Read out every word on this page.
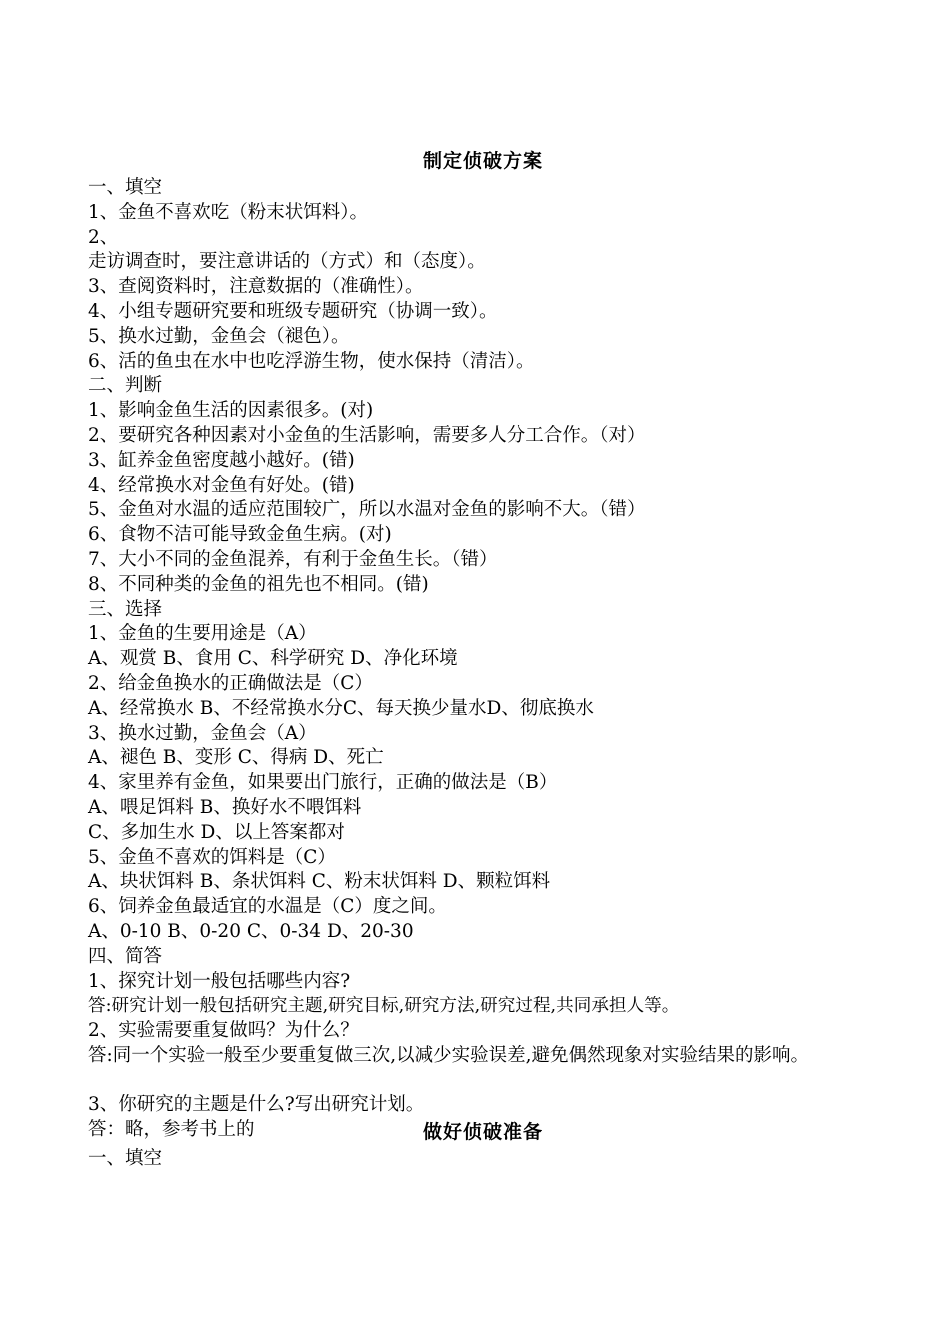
制定侦破方案
一、填空
1、金鱼不喜欢吃（粉末状饵料）。
2、
走访调查时，要注意讲话的（方式）和（态度）。
3、查阅资料时，注意数据的（准确性）。
4、小组专题研究要和班级专题研究（协调一致）。
5、换水过勤，金鱼会（褪色）。
6、活的鱼虫在水中也吃浮游生物，使水保持（清洁）。
二、判断
1、影响金鱼生活的因素很多。(对)
2、要研究各种因素对小金鱼的生活影响，需要多人分工合作。（对）
3、缸养金鱼密度越小越好。(错)
4、经常换水对金鱼有好处。(错)
5、金鱼对水温的适应范围较广，所以水温对金鱼的影响不大。（错）
6、食物不洁可能导致金鱼生病。(对)
7、大小不同的金鱼混养，有利于金鱼生长。（错）
8、不同种类的金鱼的祖先也不相同。(错)
三、选择
1、金鱼的生要用途是（A）
A、观赏 B、食用 C、科学研究 D、净化环境
2、给金鱼换水的正确做法是（C）
A、经常换水 B、不经常换水分C、每天换少量水D、彻底换水
3、换水过勤，金鱼会（A）
A、褪色 B、变形 C、得病 D、死亡
4、家里养有金鱼，如果要出门旅行，正确的做法是（B）
A、喂足饵料 B、换好水不喂饵料
C、多加生水 D、以上答案都对
5、金鱼不喜欢的饵料是（C）
A、块状饵料 B、条状饵料 C、粉末状饵料 D、颗粒饵料
6、饲养金鱼最适宜的水温是（C）度之间。
A、0-10 B、0-20 C、0-34 D、20-30
四、简答
1、探究计划一般包括哪些内容?
答:研究计划一般包括研究主题,研究目标,研究方法,研究过程,共同承担人等。
2、实验需要重复做吗？为什么？
答:同一个实验一般至少要重复做三次,以减少实验误差,避免偶然现象对实验结果的影响。
3、你研究的主题是什么?写出研究计划。
答：略，参考书上的	做好侦破准备
一、填空
